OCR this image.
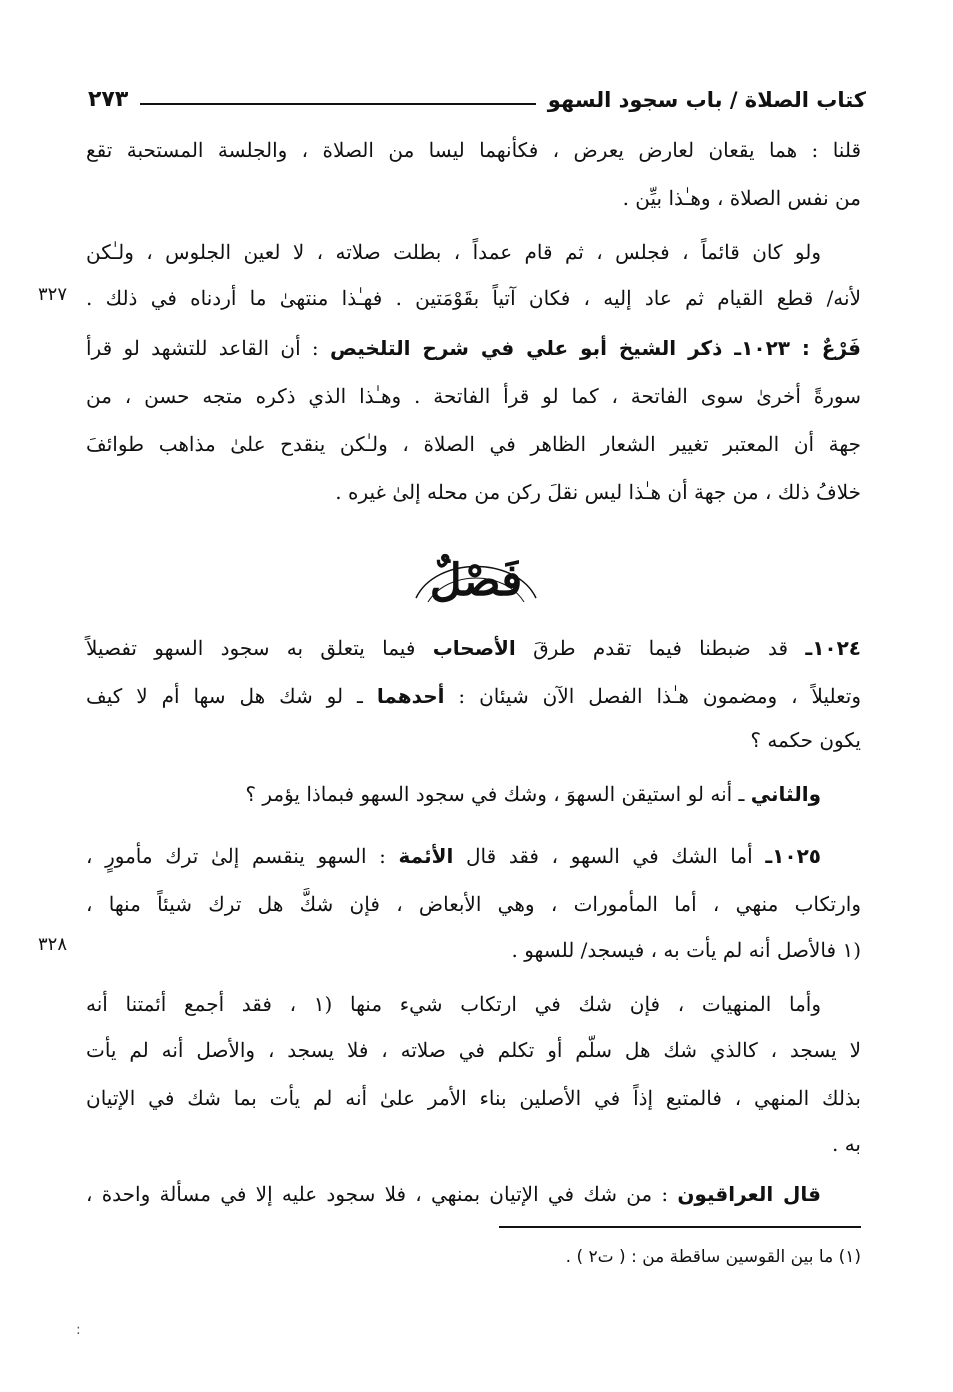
كتاب الصلاة / باب سجود السهو
٢٧٣
قلنا : هما يقعان لعارض يعرض ، فكأنهما ليسا من الصلاة ، والجلسة المستحبة تقع
من نفس الصلاة ، وهـٰذا بيِّن .
ولو كان قائماً ، فجلس ، ثم قام عمداً ، بطلت صلاته ، لا لعين الجلوس ، ولـٰكن
لأنه/ قطع القيام ثم عاد إليه ، فكان آتياً بقَوْمَتين . فهـٰذا منتهىٰ ما أردناه في ذلك .
٣٢٧
فَرْعٌ : ١٠٢٣ـ ذكر الشيخ أبو علي في شرح التلخيص : أن القاعد للتشهد لو قرأ
سورةً أخرىٰ سوى الفاتحة ، كما لو قرأ الفاتحة . وهـٰذا الذي ذكره متجه حسن ، من
جهة أن المعتبر تغيير الشعار الظاهر في الصلاة ، ولـٰكن ينقدح علىٰ مذاهب طوائفَ
خلافُ ذلك ، من جهة أن هـٰذا ليس نقلَ ركن من محله إلىٰ غيره .
فَصْلٌ
١٠٢٤ـ قد ضبطنا فيما تقدم طرقَ الأصحاب فيما يتعلق به سجود السهو تفصيلاً
وتعليلاً ، ومضمون هـٰذا الفصل الآن شيئان : أحدهما ـ لو شك هل سها أم لا كيف
يكون حكمه ؟
والثاني ـ أنه لو استيقن السهوَ ، وشك في سجود السهو فبماذا يؤمر ؟
١٠٢٥ـ أما الشك في السهو ، فقد قال الأئمة : السهو ينقسم إلىٰ ترك مأمورٍ ،
وارتكاب منهي ، أما المأمورات ، وهي الأبعاض ، فإن شكَّ هل ترك شيئاً منها ،
(١ فالأصل أنه لم يأت به ، فيسجد/ للسهو .
٣٢٨
وأما المنهيات ، فإن شك في ارتكاب شيء منها (١ ، فقد أجمع أئمتنا أنه
لا يسجد ، كالذي شك هل سلّم أو تكلم في صلاته ، فلا يسجد ، والأصل أنه لم يأت
بذلك المنهي ، فالمتبع إذاً في الأصلين بناء الأمر علىٰ أنه لم يأت بما شك في الإتيان
به .
قال العراقيون : من شك في الإتيان بمنهي ، فلا سجود عليه إلا في مسألة واحدة ،
(١) ما بين القوسين ساقطة من : ( ت٢ ) .
:
